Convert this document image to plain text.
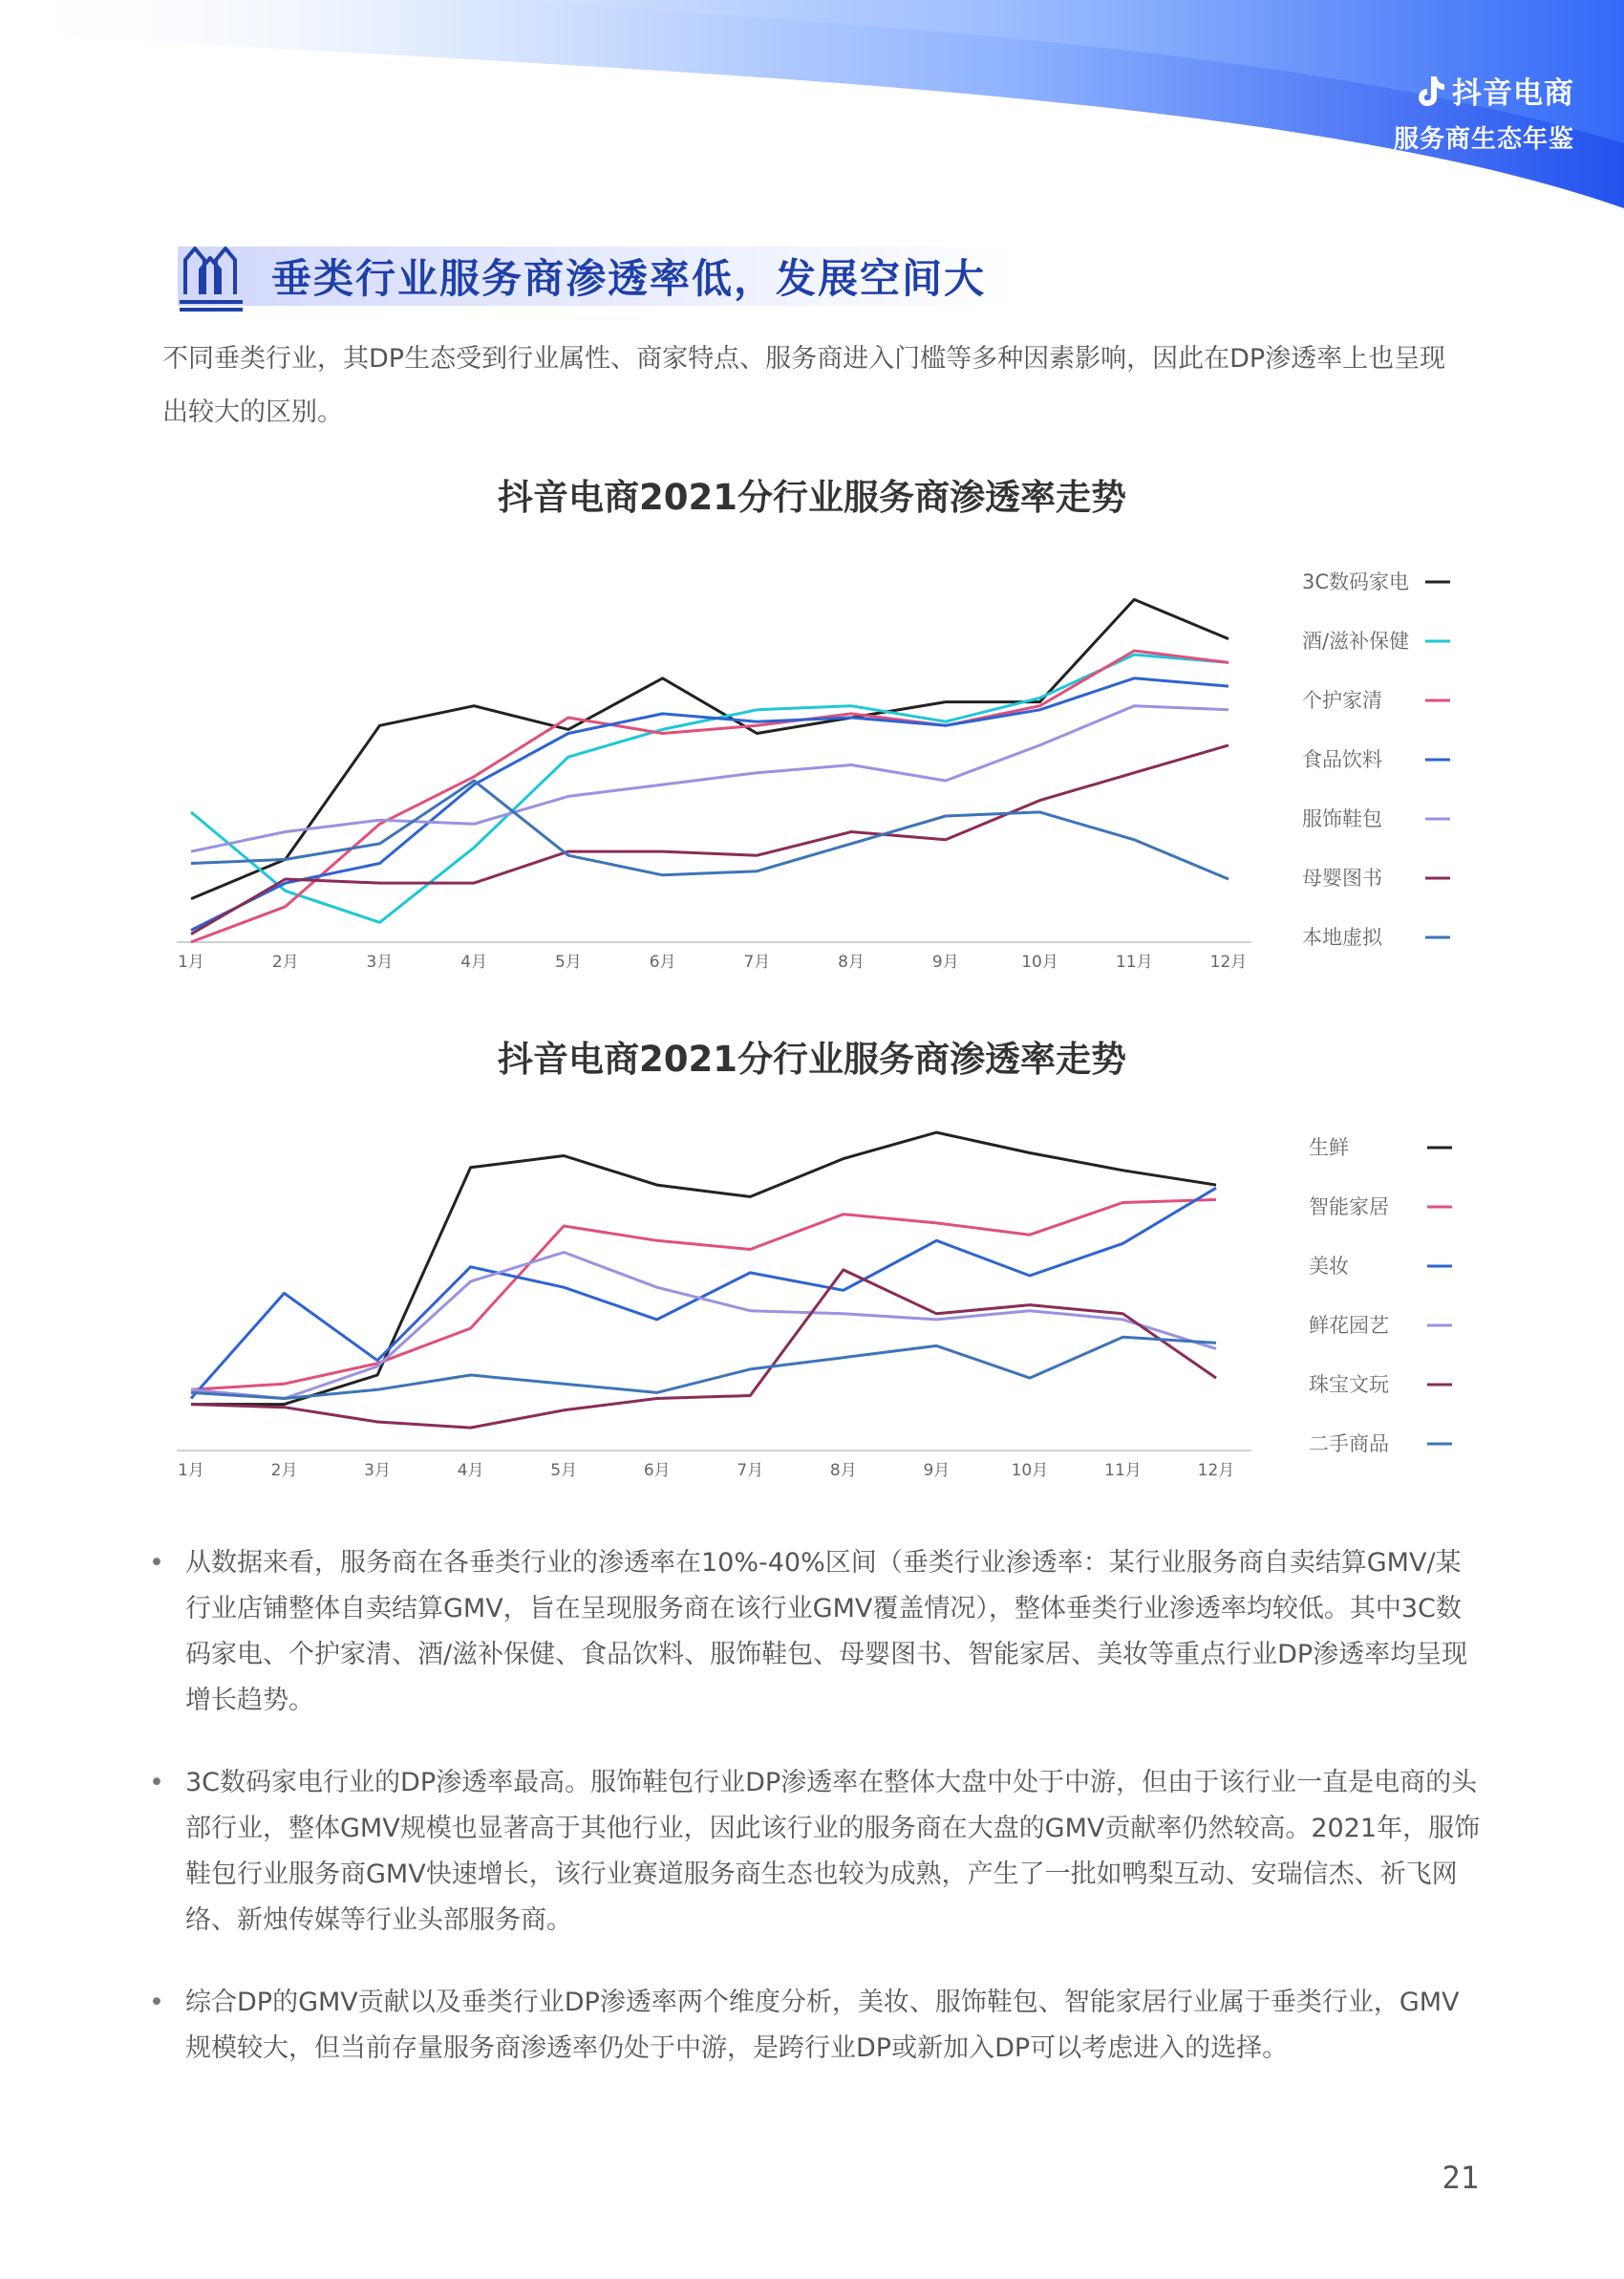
抖音电商
服务商生态年鉴
垂类行业服务商渗透率低，发展空间大

不同垂类行业，其DP生态受到行业属性、商家特点、服务商进入门槛等多种因素影响，因此在DP渗透率上也呈现出较大的区别。

抖音电商2021分行业服务商渗透率走势
1月	2月	3月	4月	5月	6月	7月	8月	9月	10月	11月	12月
3C数码家电
酒/滋补保健
个护家清
食品饮料
服饰鞋包
母婴图书
本地虚拟
抖音电商2021分行业服务商渗透率走势
1月	2月	3月	4月	5月	6月	7月	8月	9月	10月	11月	12月
生鲜
智能家居
美妆
鲜花园艺
珠宝文玩
二手商品
• 从数据来看，服务商在各垂类行业的渗透率在10%-40%区间（垂类行业渗透率：某行业服务商自卖结算GMV/某行业店铺整体自卖结算GMV，旨在呈现服务商在该行业GMV覆盖情况），整体垂类行业渗透率均较低。其中3C数码家电、个护家清、酒/滋补保健、食品饮料、服饰鞋包、母婴图书、智能家居、美妆等重点行业DP渗透率均呈现增长趋势。
• 3C数码家电行业的DP渗透率最高。服饰鞋包行业DP渗透率在整体大盘中处于中游，但由于该行业一直是电商的头部行业，整体GMV规模也显著高于其他行业，因此该行业的服务商在大盘的GMV贡献率仍然较高。2021年，服饰鞋包行业服务商GMV快速增长，该行业赛道服务商生态也较为成熟，产生了一批如鸭梨互动、安瑞信杰、祈飞网络、新烛传媒等行业头部服务商。
• 综合DP的GMV贡献以及垂类行业DP渗透率两个维度分析，美妆、服饰鞋包、智能家居行业属于垂类行业，GMV规模较大，但当前存量服务商渗透率仍处于中游，是跨行业DP或新加入DP可以考虑进入的选择。
21
